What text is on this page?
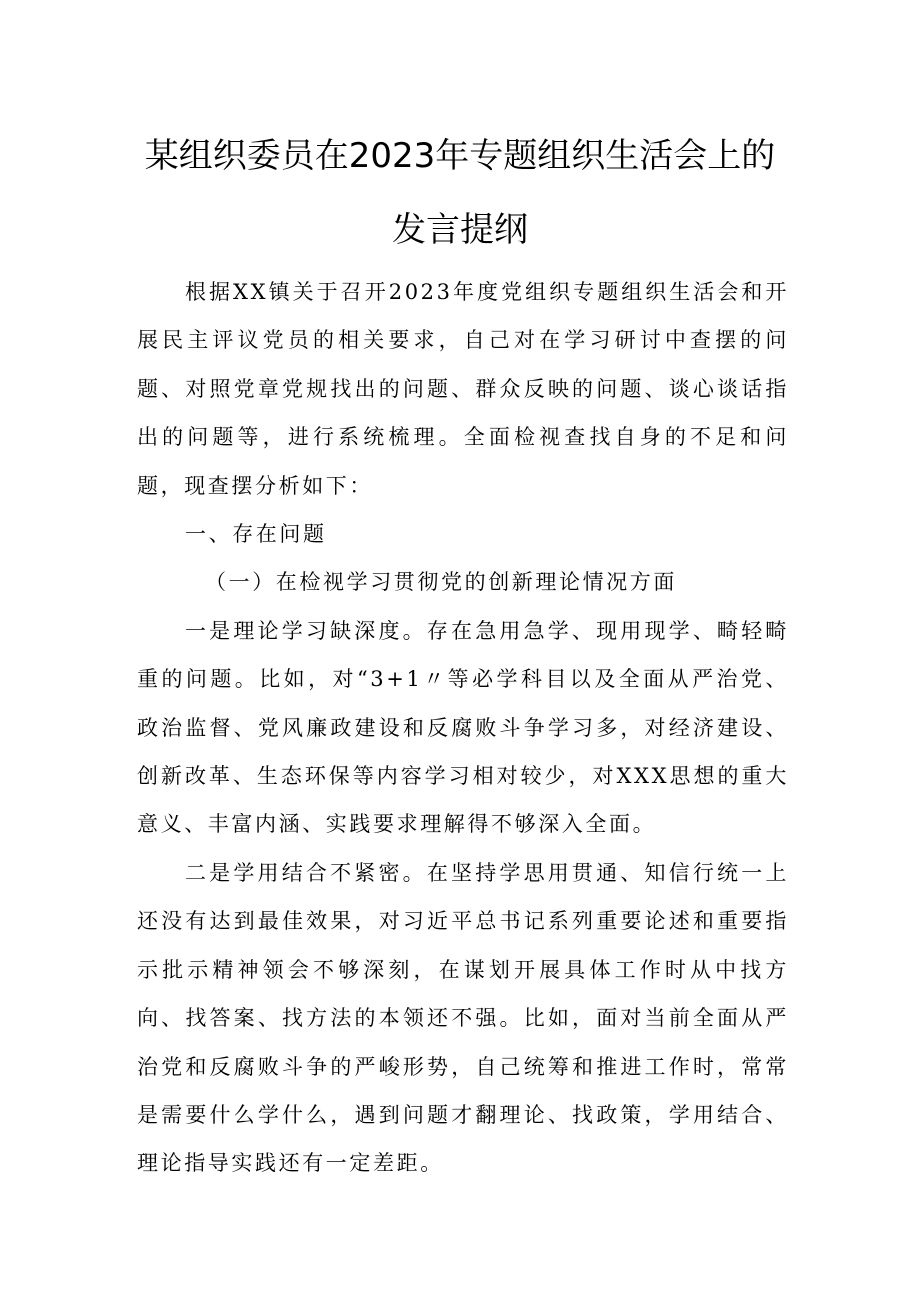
某组织委员在2023年专题组织生活会上的
发言提纲

根据XX镇关于召开2023年度党组织专题组织生活会和开展民主评议党员的相关要求，自己对在学习研讨中查摆的问题、对照党章党规找出的问题、群众反映的问题、谈心谈话指出的问题等，进行系统梳理。全面检视查找自身的不足和问题，现查摆分析如下：

一、存在问题

（一）在检视学习贯彻党的创新理论情况方面

一是理论学习缺深度。存在急用急学、现用现学、畸轻畸重的问题。比如，对“3+1〃等必学科目以及全面从严治党、政治监督、党风廉政建设和反腐败斗争学习多，对经济建设、创新改革、生态环保等内容学习相对较少，对XXX思想的重大意义、丰富内涵、实践要求理解得不够深入全面。

二是学用结合不紧密。在坚持学思用贯通、知信行统一上还没有达到最佳效果，对习近平总书记系列重要论述和重要指示批示精神领会不够深刻，在谋划开展具体工作时从中找方向、找答案、找方法的本领还不强。比如，面对当前全面从严治党和反腐败斗争的严峻形势，自己统筹和推进工作时，常常是需要什么学什么，遇到问题才翻理论、找政策，学用结合、理论指导实践还有一定差距。
